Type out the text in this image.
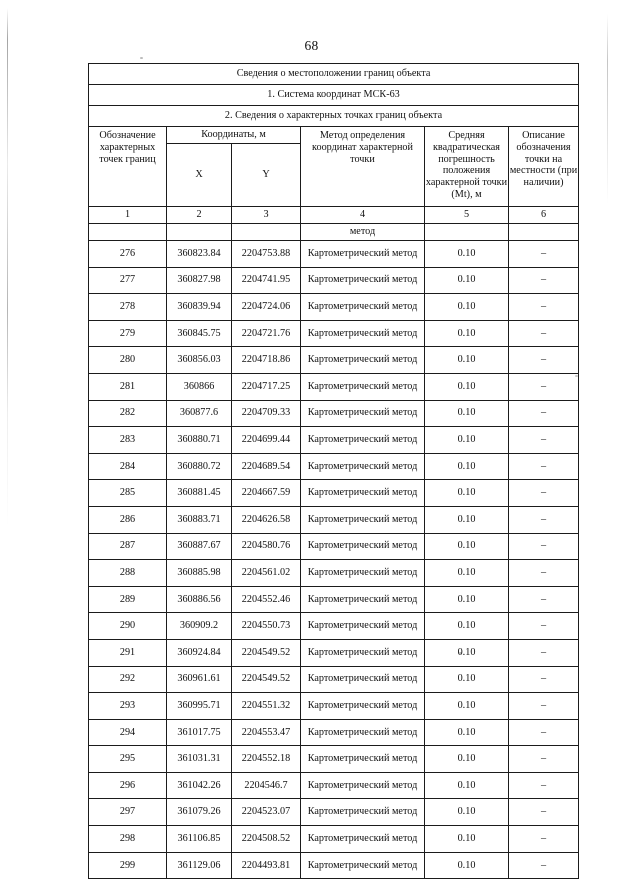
68
Сведения о местоположении границ объекта					
1. Система координат МСК-63					
2. Сведения о характерных точках границ объекта					
Обозначение характерных точек границ	Координаты, м		Метод определения координат характерной точки	Средняя квадратическая погрешность положения характерной точки (Мt), м	Описание обозначения точки на местности (при наличии)
	X	Y			
1	2	3	4	5	6
			метод		
276	360823.84	2204753.88	Картометрический метод	0.10	–
277	360827.98	2204741.95	Картометрический метод	0.10	–
278	360839.94	2204724.06	Картометрический метод	0.10	–
279	360845.75	2204721.76	Картометрический метод	0.10	–
280	360856.03	2204718.86	Картометрический метод	0.10	–
281	360866	2204717.25	Картометрический метод	0.10	–
282	360877.6	2204709.33	Картометрический метод	0.10	–
283	360880.71	2204699.44	Картометрический метод	0.10	–
284	360880.72	2204689.54	Картометрический метод	0.10	–
285	360881.45	2204667.59	Картометрический метод	0.10	–
286	360883.71	2204626.58	Картометрический метод	0.10	–
287	360887.67	2204580.76	Картометрический метод	0.10	–
288	360885.98	2204561.02	Картометрический метод	0.10	–
289	360886.56	2204552.46	Картометрический метод	0.10	–
290	360909.2	2204550.73	Картометрический метод	0.10	–
291	360924.84	2204549.52	Картометрический метод	0.10	–
292	360961.61	2204549.52	Картометрический метод	0.10	–
293	360995.71	2204551.32	Картометрический метод	0.10	–
294	361017.75	2204553.47	Картометрический метод	0.10	–
295	361031.31	2204552.18	Картометрический метод	0.10	–
296	361042.26	2204546.7	Картометрический метод	0.10	–
297	361079.26	2204523.07	Картометрический метод	0.10	–
298	361106.85	2204508.52	Картометрический метод	0.10	–
299	361129.06	2204493.81	Картометрический метод	0.10	–
